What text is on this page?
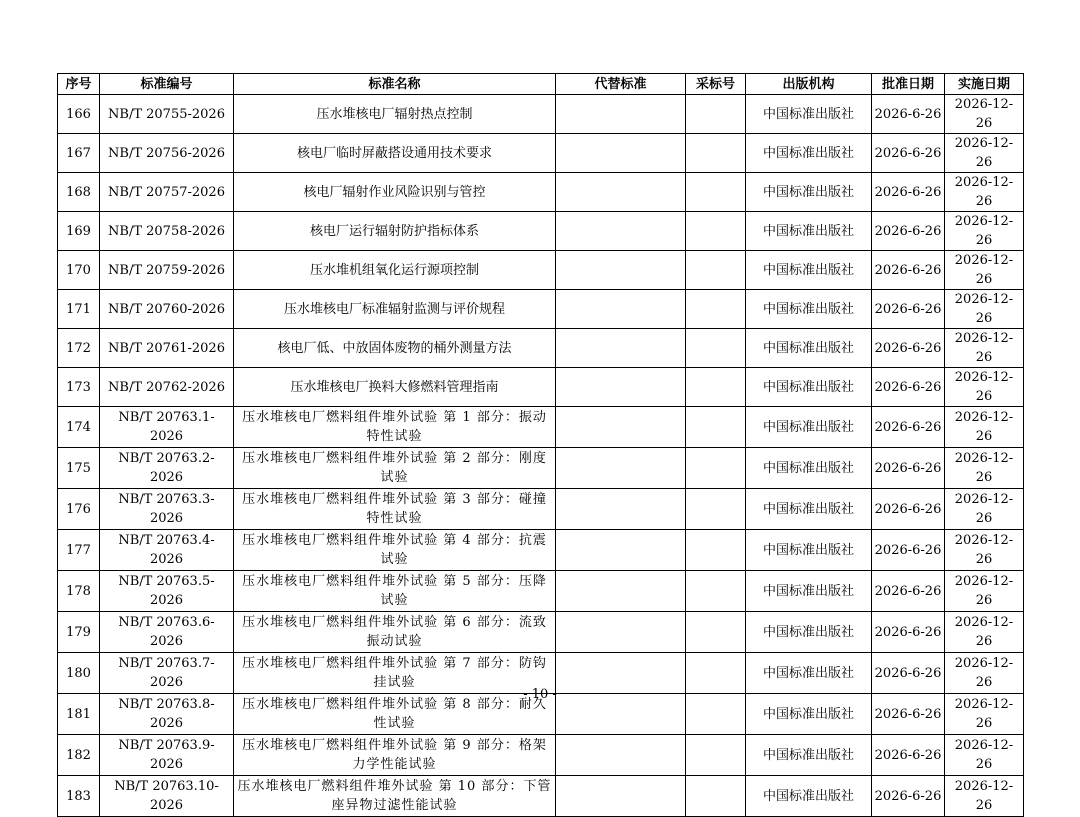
序号	标准编号	标准名称	代替标准	采标号	出版机构	批准日期	实施日期
166	NB/T 20755-2026	压水堆核电厂辐射热点控制			中国标准出版社	2026-6-26	2026-12-26
167	NB/T 20756-2026	核电厂临时屏蔽搭设通用技术要求			中国标准出版社	2026-6-26	2026-12-26
168	NB/T 20757-2026	核电厂辐射作业风险识别与管控			中国标准出版社	2026-6-26	2026-12-26
169	NB/T 20758-2026	核电厂运行辐射防护指标体系			中国标准出版社	2026-6-26	2026-12-26
170	NB/T 20759-2026	压水堆机组氧化运行源项控制			中国标准出版社	2026-6-26	2026-12-26
171	NB/T 20760-2026	压水堆核电厂标准辐射监测与评价规程			中国标准出版社	2026-6-26	2026-12-26
172	NB/T 20761-2026	核电厂低、中放固体废物的桶外测量方法			中国标准出版社	2026-6-26	2026-12-26
173	NB/T 20762-2026	压水堆核电厂换料大修燃料管理指南			中国标准出版社	2026-6-26	2026-12-26
174	NB/T 20763.1-2026	压水堆核电厂燃料组件堆外试验 第 1 部分：振动特性试验			中国标准出版社	2026-6-26	2026-12-26
175	NB/T 20763.2-2026	压水堆核电厂燃料组件堆外试验 第 2 部分：刚度试验			中国标准出版社	2026-6-26	2026-12-26
176	NB/T 20763.3-2026	压水堆核电厂燃料组件堆外试验 第 3 部分：碰撞特性试验			中国标准出版社	2026-6-26	2026-12-26
177	NB/T 20763.4-2026	压水堆核电厂燃料组件堆外试验 第 4 部分：抗震试验			中国标准出版社	2026-6-26	2026-12-26
178	NB/T 20763.5-2026	压水堆核电厂燃料组件堆外试验 第 5 部分：压降试验			中国标准出版社	2026-6-26	2026-12-26
179	NB/T 20763.6-2026	压水堆核电厂燃料组件堆外试验 第 6 部分：流致振动试验			中国标准出版社	2026-6-26	2026-12-26
180	NB/T 20763.7-2026	压水堆核电厂燃料组件堆外试验 第 7 部分：防钩挂试验			中国标准出版社	2026-6-26	2026-12-26
181	NB/T 20763.8-2026	压水堆核电厂燃料组件堆外试验 第 8 部分：耐久性试验			中国标准出版社	2026-6-26	2026-12-26
182	NB/T 20763.9-2026	压水堆核电厂燃料组件堆外试验 第 9 部分：格架力学性能试验			中国标准出版社	2026-6-26	2026-12-26
183	NB/T 20763.10-2026	压水堆核电厂燃料组件堆外试验 第 10 部分：下管座异物过滤性能试验			中国标准出版社	2026-6-26	2026-12-26
- 10 -
